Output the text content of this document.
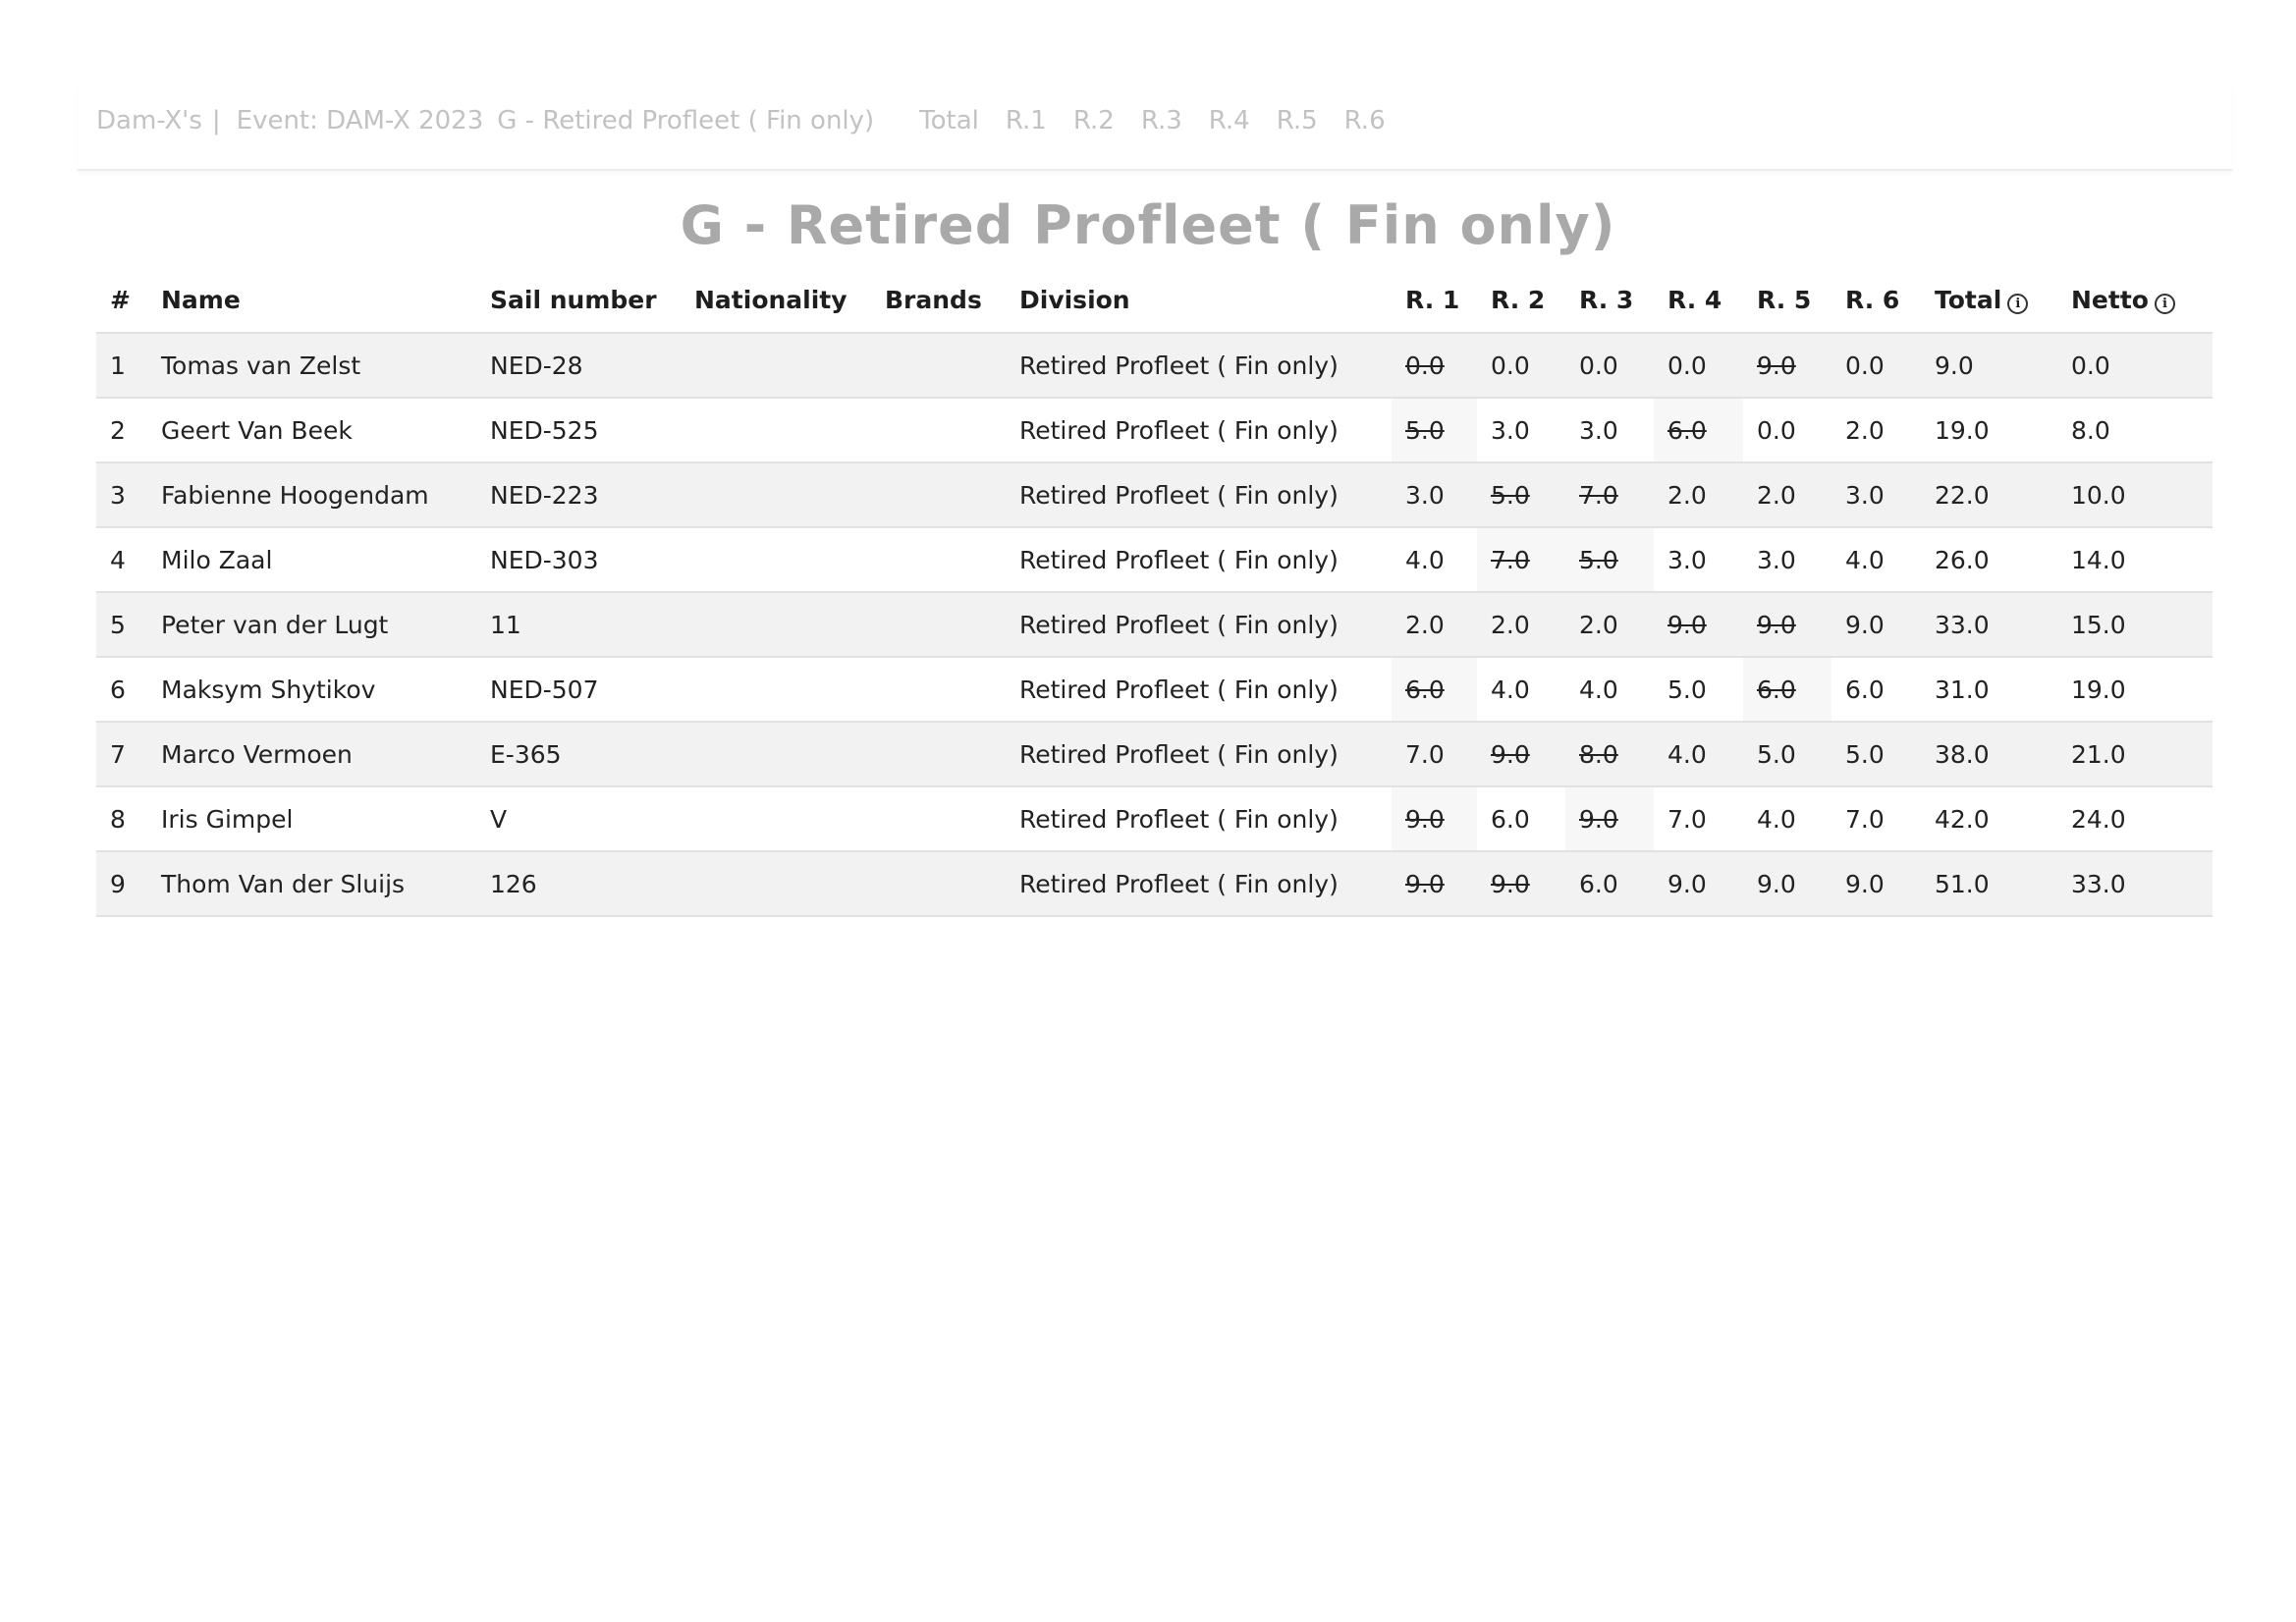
Dam-X's | Event: DAM-X 2023 G - Retired Profleet ( Fin only) Total R.1 R.2 R.3 R.4 R.5 R.6
G - Retired Profleet ( Fin only)
#	Name	Sail number	Nationality	Brands	Division	R. 1	R. 2	R. 3	R. 4	R. 5	R. 6	Total i	Netto i
1	Tomas van Zelst	NED-28			Retired Profleet ( Fin only)	0.0	0.0	0.0	0.0	9.0	0.0	9.0	0.0
2	Geert Van Beek	NED-525			Retired Profleet ( Fin only)	5.0	3.0	3.0	6.0	0.0	2.0	19.0	8.0
3	Fabienne Hoogendam	NED-223			Retired Profleet ( Fin only)	3.0	5.0	7.0	2.0	2.0	3.0	22.0	10.0
4	Milo Zaal	NED-303			Retired Profleet ( Fin only)	4.0	7.0	5.0	3.0	3.0	4.0	26.0	14.0
5	Peter van der Lugt	11			Retired Profleet ( Fin only)	2.0	2.0	2.0	9.0	9.0	9.0	33.0	15.0
6	Maksym Shytikov	NED-507			Retired Profleet ( Fin only)	6.0	4.0	4.0	5.0	6.0	6.0	31.0	19.0
7	Marco Vermoen	E-365			Retired Profleet ( Fin only)	7.0	9.0	8.0	4.0	5.0	5.0	38.0	21.0
8	Iris Gimpel	V			Retired Profleet ( Fin only)	9.0	6.0	9.0	7.0	4.0	7.0	42.0	24.0
9	Thom Van der Sluijs	126			Retired Profleet ( Fin only)	9.0	9.0	6.0	9.0	9.0	9.0	51.0	33.0
